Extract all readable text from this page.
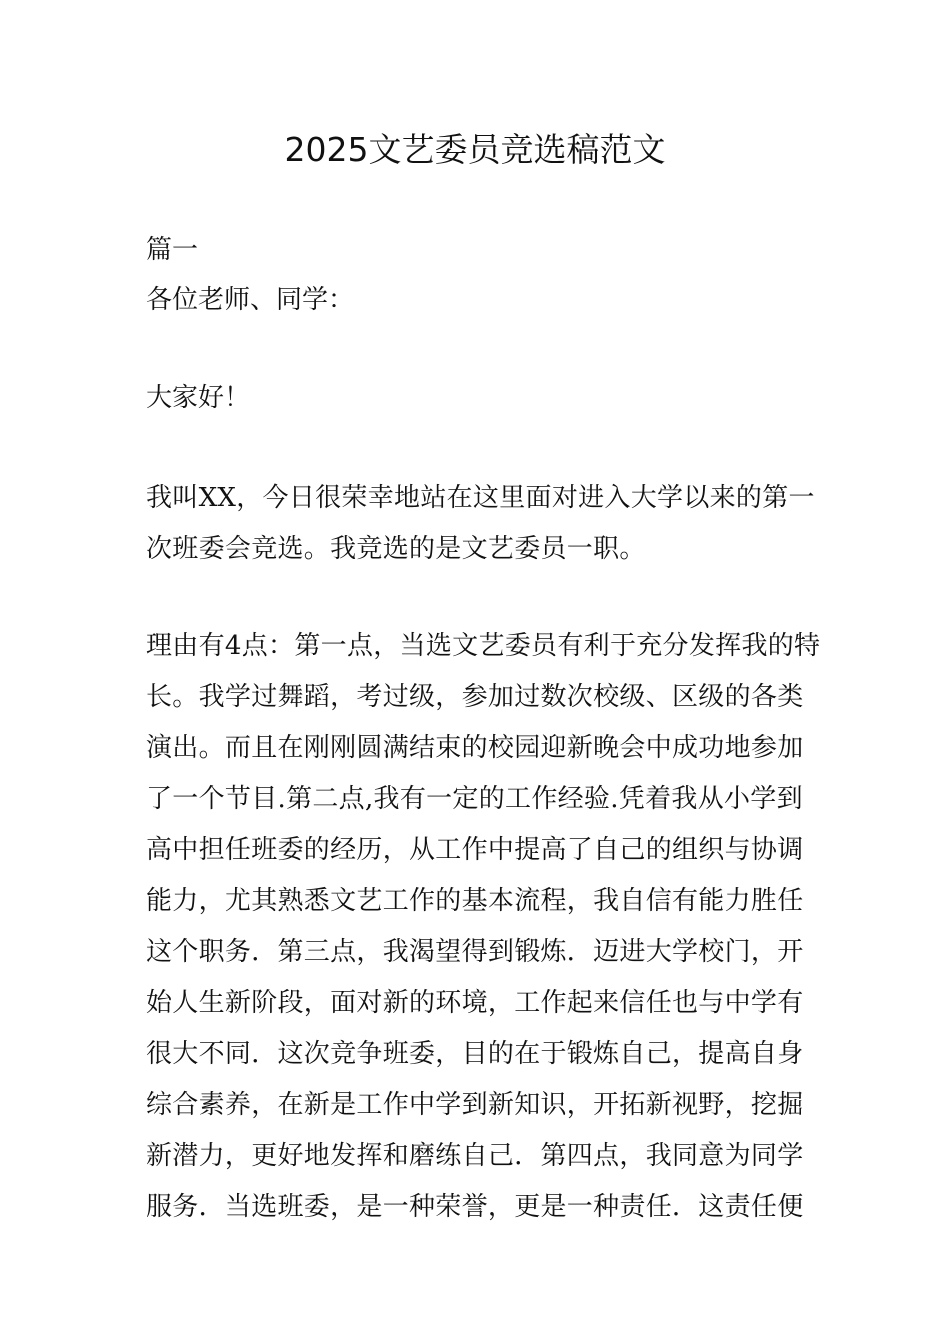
2025文艺委员竞选稿范文
篇一
各位老师、同学：
大家好！
我叫XX，今日很荣幸地站在这里面对进入大学以来的第一
次班委会竞选。我竞选的是文艺委员一职。
理由有4点：第一点，当选文艺委员有利于充分发挥我的特
长。我学过舞蹈，考过级，参加过数次校级、区级的各类
演出。而且在刚刚圆满结束的校园迎新晚会中成功地参加
了一个节目.第二点,我有一定的工作经验.凭着我从小学到
高中担任班委的经历，从工作中提高了自己的组织与协调
能力，尤其熟悉文艺工作的基本流程，我自信有能力胜任
这个职务．第三点，我渴望得到锻炼．迈进大学校门，开
始人生新阶段，面对新的环境，工作起来信任也与中学有
很大不同．这次竞争班委，目的在于锻炼自己，提高自身
综合素养，在新是工作中学到新知识，开拓新视野，挖掘
新潜力，更好地发挥和磨练自己．第四点，我同意为同学
服务．当选班委，是一种荣誉，更是一种责任．这责任便
